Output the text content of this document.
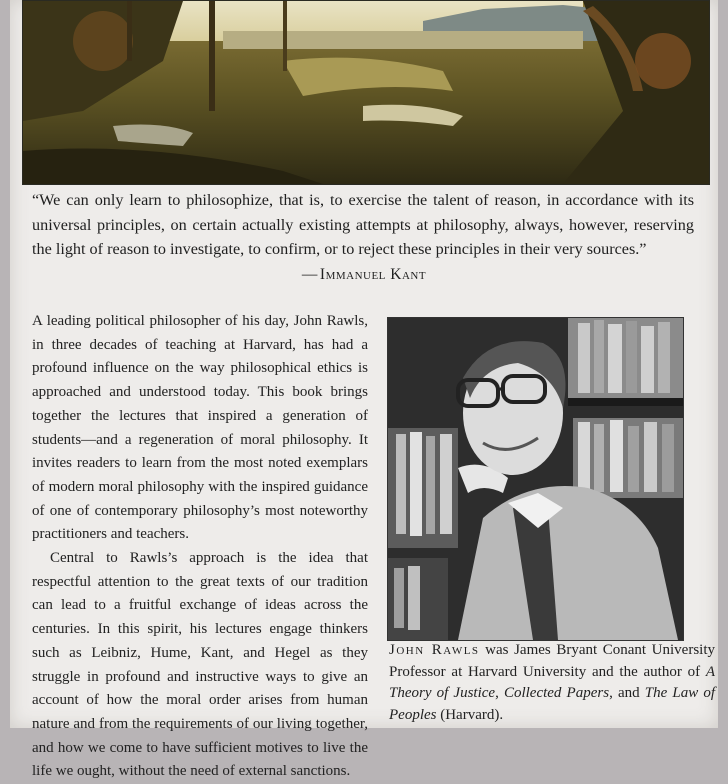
“We can only learn to philosophize, that is, to exercise the talent of reason, in accordance with its universal principles, on certain actually existing attempts at philosophy, always, however, reserving the light of reason to investigate, to confirm, or to reject these principles in their very sources.”
— Immanuel Kant

A leading political philosopher of his day, John Rawls, in three decades of teaching at Harvard, has had a profound influence on the way philosophical ethics is approached and understood today. This book brings together the lectures that inspired a generation of students—and a regeneration of moral philosophy. It invites readers to learn from the most noted exemplars of modern moral philosophy with the inspired guidance of one of contemporary philosophy’s most noteworthy practitioners and teachers.

Central to Rawls’s approach is the idea that respectful attention to the great texts of our tradition can lead to a fruitful exchange of ideas across the centuries. In this spirit, his lectures engage thinkers such as Leibniz, Hume, Kant, and Hegel as they struggle in profound and instructive ways to give an account of how the moral order arises from human nature and from the requirements of our living together, and how we come to have sufficient motives to live the life we ought, without the need of external sanctions.

John Rawls was James Bryant Conant University Professor at Harvard University and the author of A Theory of Justice, Collected Papers, and The Law of Peoples (Harvard).
